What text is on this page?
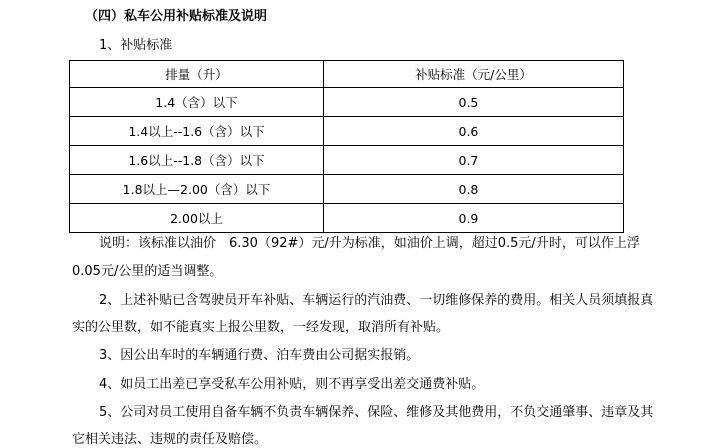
（四）私车公用补贴标准及说明
1、补贴标准
排量（升）	补贴标准（元/公里）
1.4（含）以下	0.5
1.4以上--1.6（含）以下	0.6
1.6以上--1.8（含）以下	0.7
1.8以上—2.00（含）以下	0.8
2.00以上	0.9
说明：该标准以油价　6.30（92#）元/升为标准，如油价上调，超过0.5元/升时，可以作上浮
0.05元/公里的适当调整。
2、上述补贴已含驾驶员开车补贴、车辆运行的汽油费、一切维修保养的费用。相关人员须填报真
实的公里数，如不能真实上报公里数，一经发现，取消所有补贴。
3、因公出车时的车辆通行费、泊车费由公司据实报销。
4、如员工出差已享受私车公用补贴，则不再享受出差交通费补贴。
5、公司对员工使用自备车辆不负责车辆保养、保险、维修及其他费用，不负交通肇事、违章及其
它相关违法、违规的责任及赔偿。
